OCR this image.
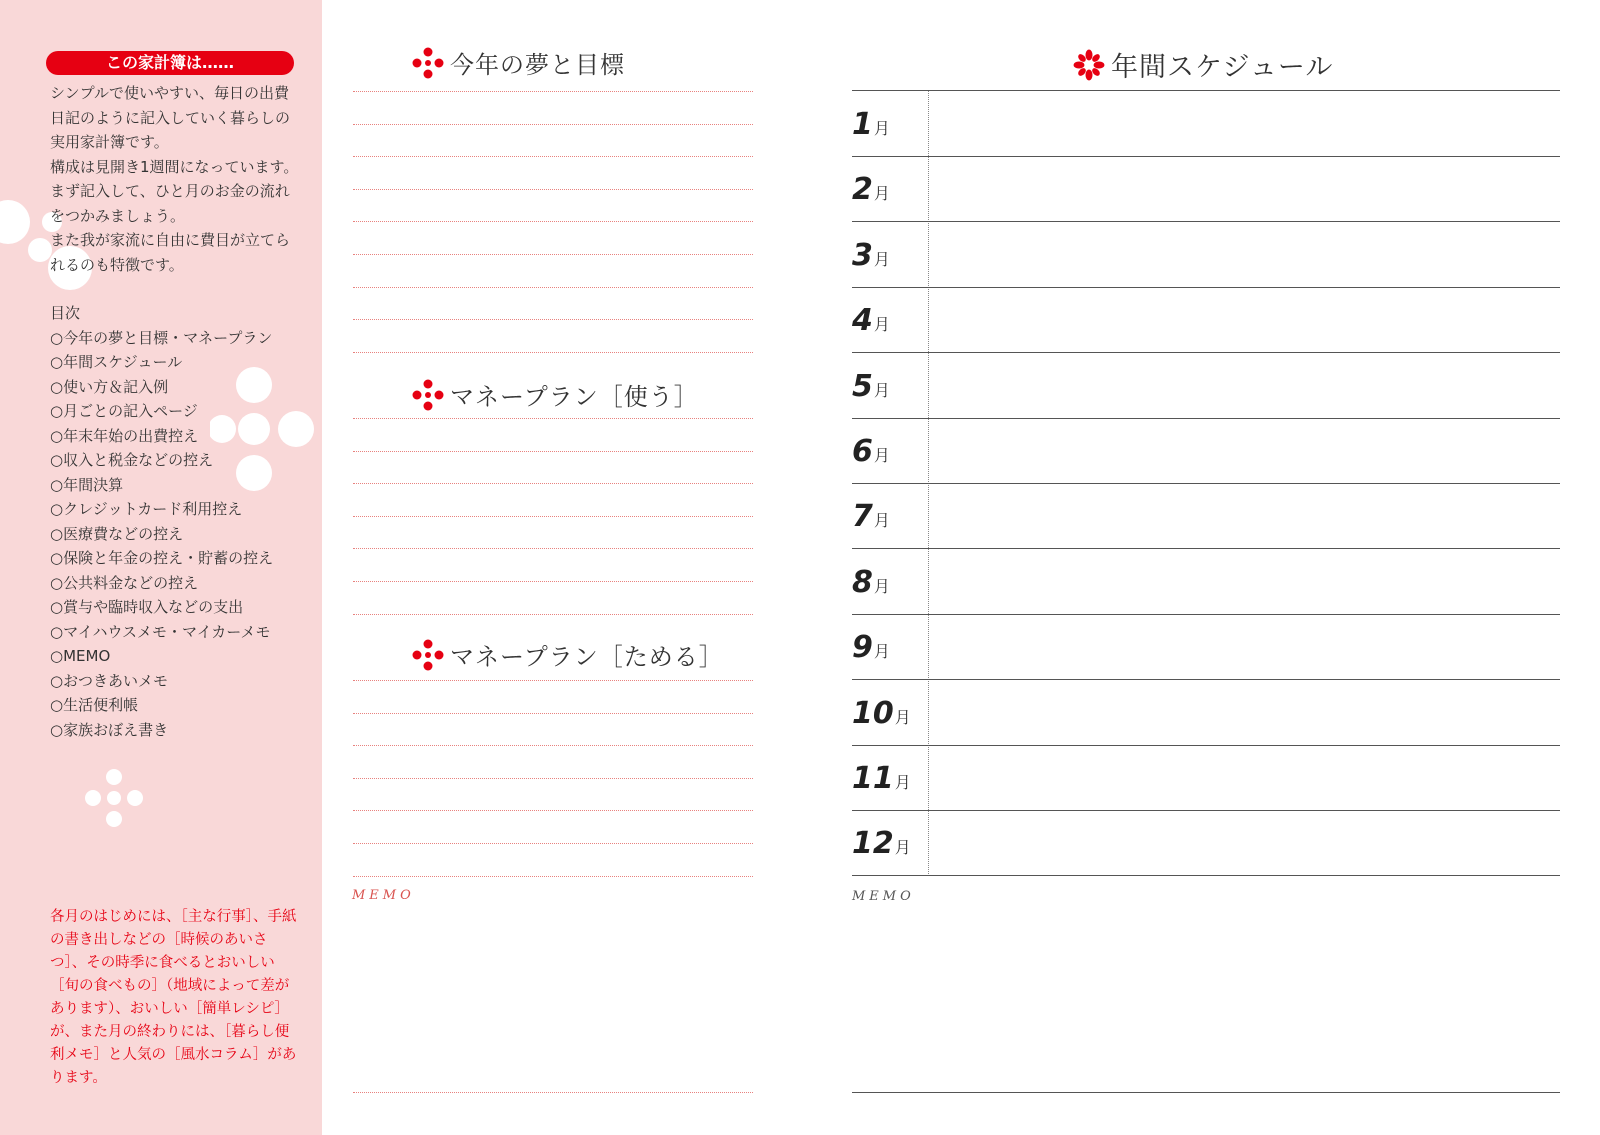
この家計簿は……

シンプルで使いやすい、毎日の出費日記のように記入していく暮らしの実用家計簿です。

構成は見開き1週間になっています。まず記入して、ひと月のお金の流れをつかみましょう。

また我が家流に自由に費目が立てられるのも特徴です。

目次
○今年の夢と目標・マネープラン
○年間スケジュール
○使い方＆記入例
○月ごとの記入ページ
○年末年始の出費控え
○収入と税金などの控え
○年間決算
○クレジットカード利用控え
○医療費などの控え
○保険と年金の控え・貯蓄の控え
○公共料金などの控え
○賞与や臨時収入などの支出
○マイハウスメモ・マイカーメモ
○MEMO
○おつきあいメモ
○生活便利帳
○家族おぼえ書き
各月のはじめには、［主な行事］、手紙の書き出しなどの［時候のあいさつ］、その時季に食べるとおいしい［旬の食べもの］（地域によって差があります）、おいしい［簡単レシピ］が、また月の終わりには、［暮らし便利メモ］と人気の［風水コラム］があります。
今年の夢と目標
マネープラン［使う］
マネープラン［ためる］
MEMO
年間スケジュール
1月
2月
3月
4月
5月
6月
7月
8月
9月
10月
11月
12月
MEMO
